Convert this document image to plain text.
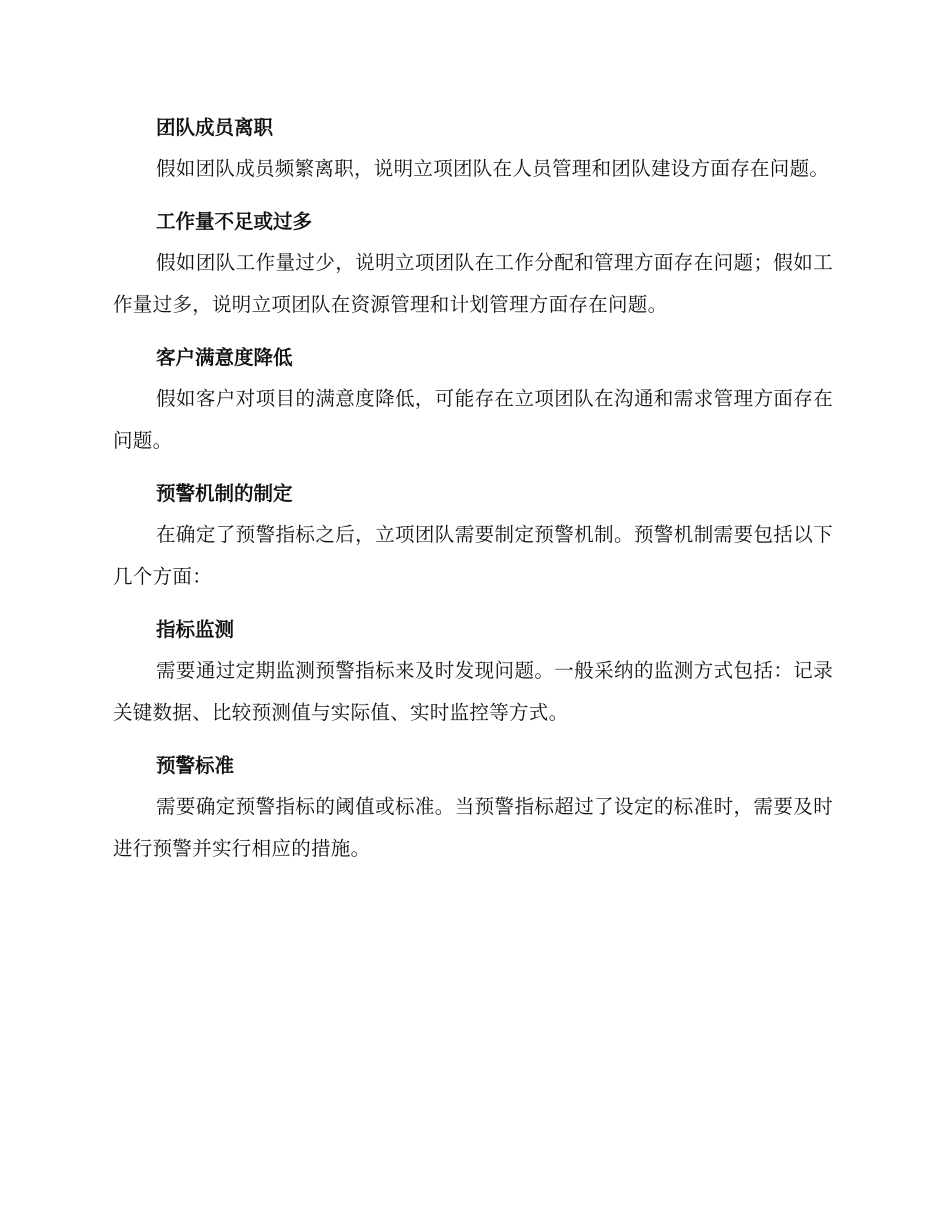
团队成员离职

假如团队成员频繁离职，说明立项团队在人员管理和团队建设方面存在问题。

工作量不足或过多

假如团队工作量过少，说明立项团队在工作分配和管理方面存在问题；假如工作量过多，说明立项团队在资源管理和计划管理方面存在问题。

客户满意度降低

假如客户对项目的满意度降低，可能存在立项团队在沟通和需求管理方面存在问题。

预警机制的制定

在确定了预警指标之后，立项团队需要制定预警机制。预警机制需要包括以下几个方面：

指标监测

需要通过定期监测预警指标来及时发现问题。一般采纳的监测方式包括：记录关键数据、比较预测值与实际值、实时监控等方式。

预警标准

需要确定预警指标的阈值或标准。当预警指标超过了设定的标准时，需要及时进行预警并实行相应的措施。
